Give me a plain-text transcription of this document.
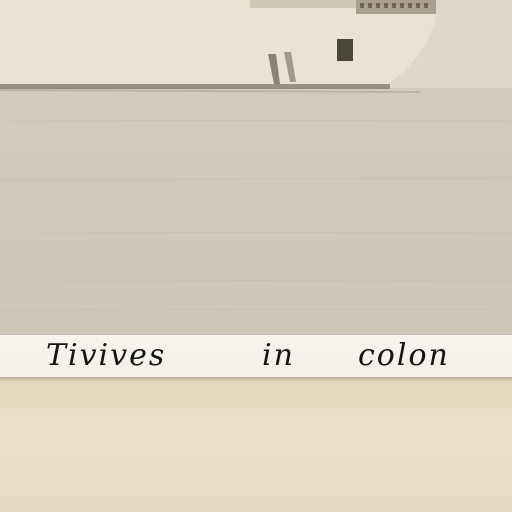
Tivives	in colon
